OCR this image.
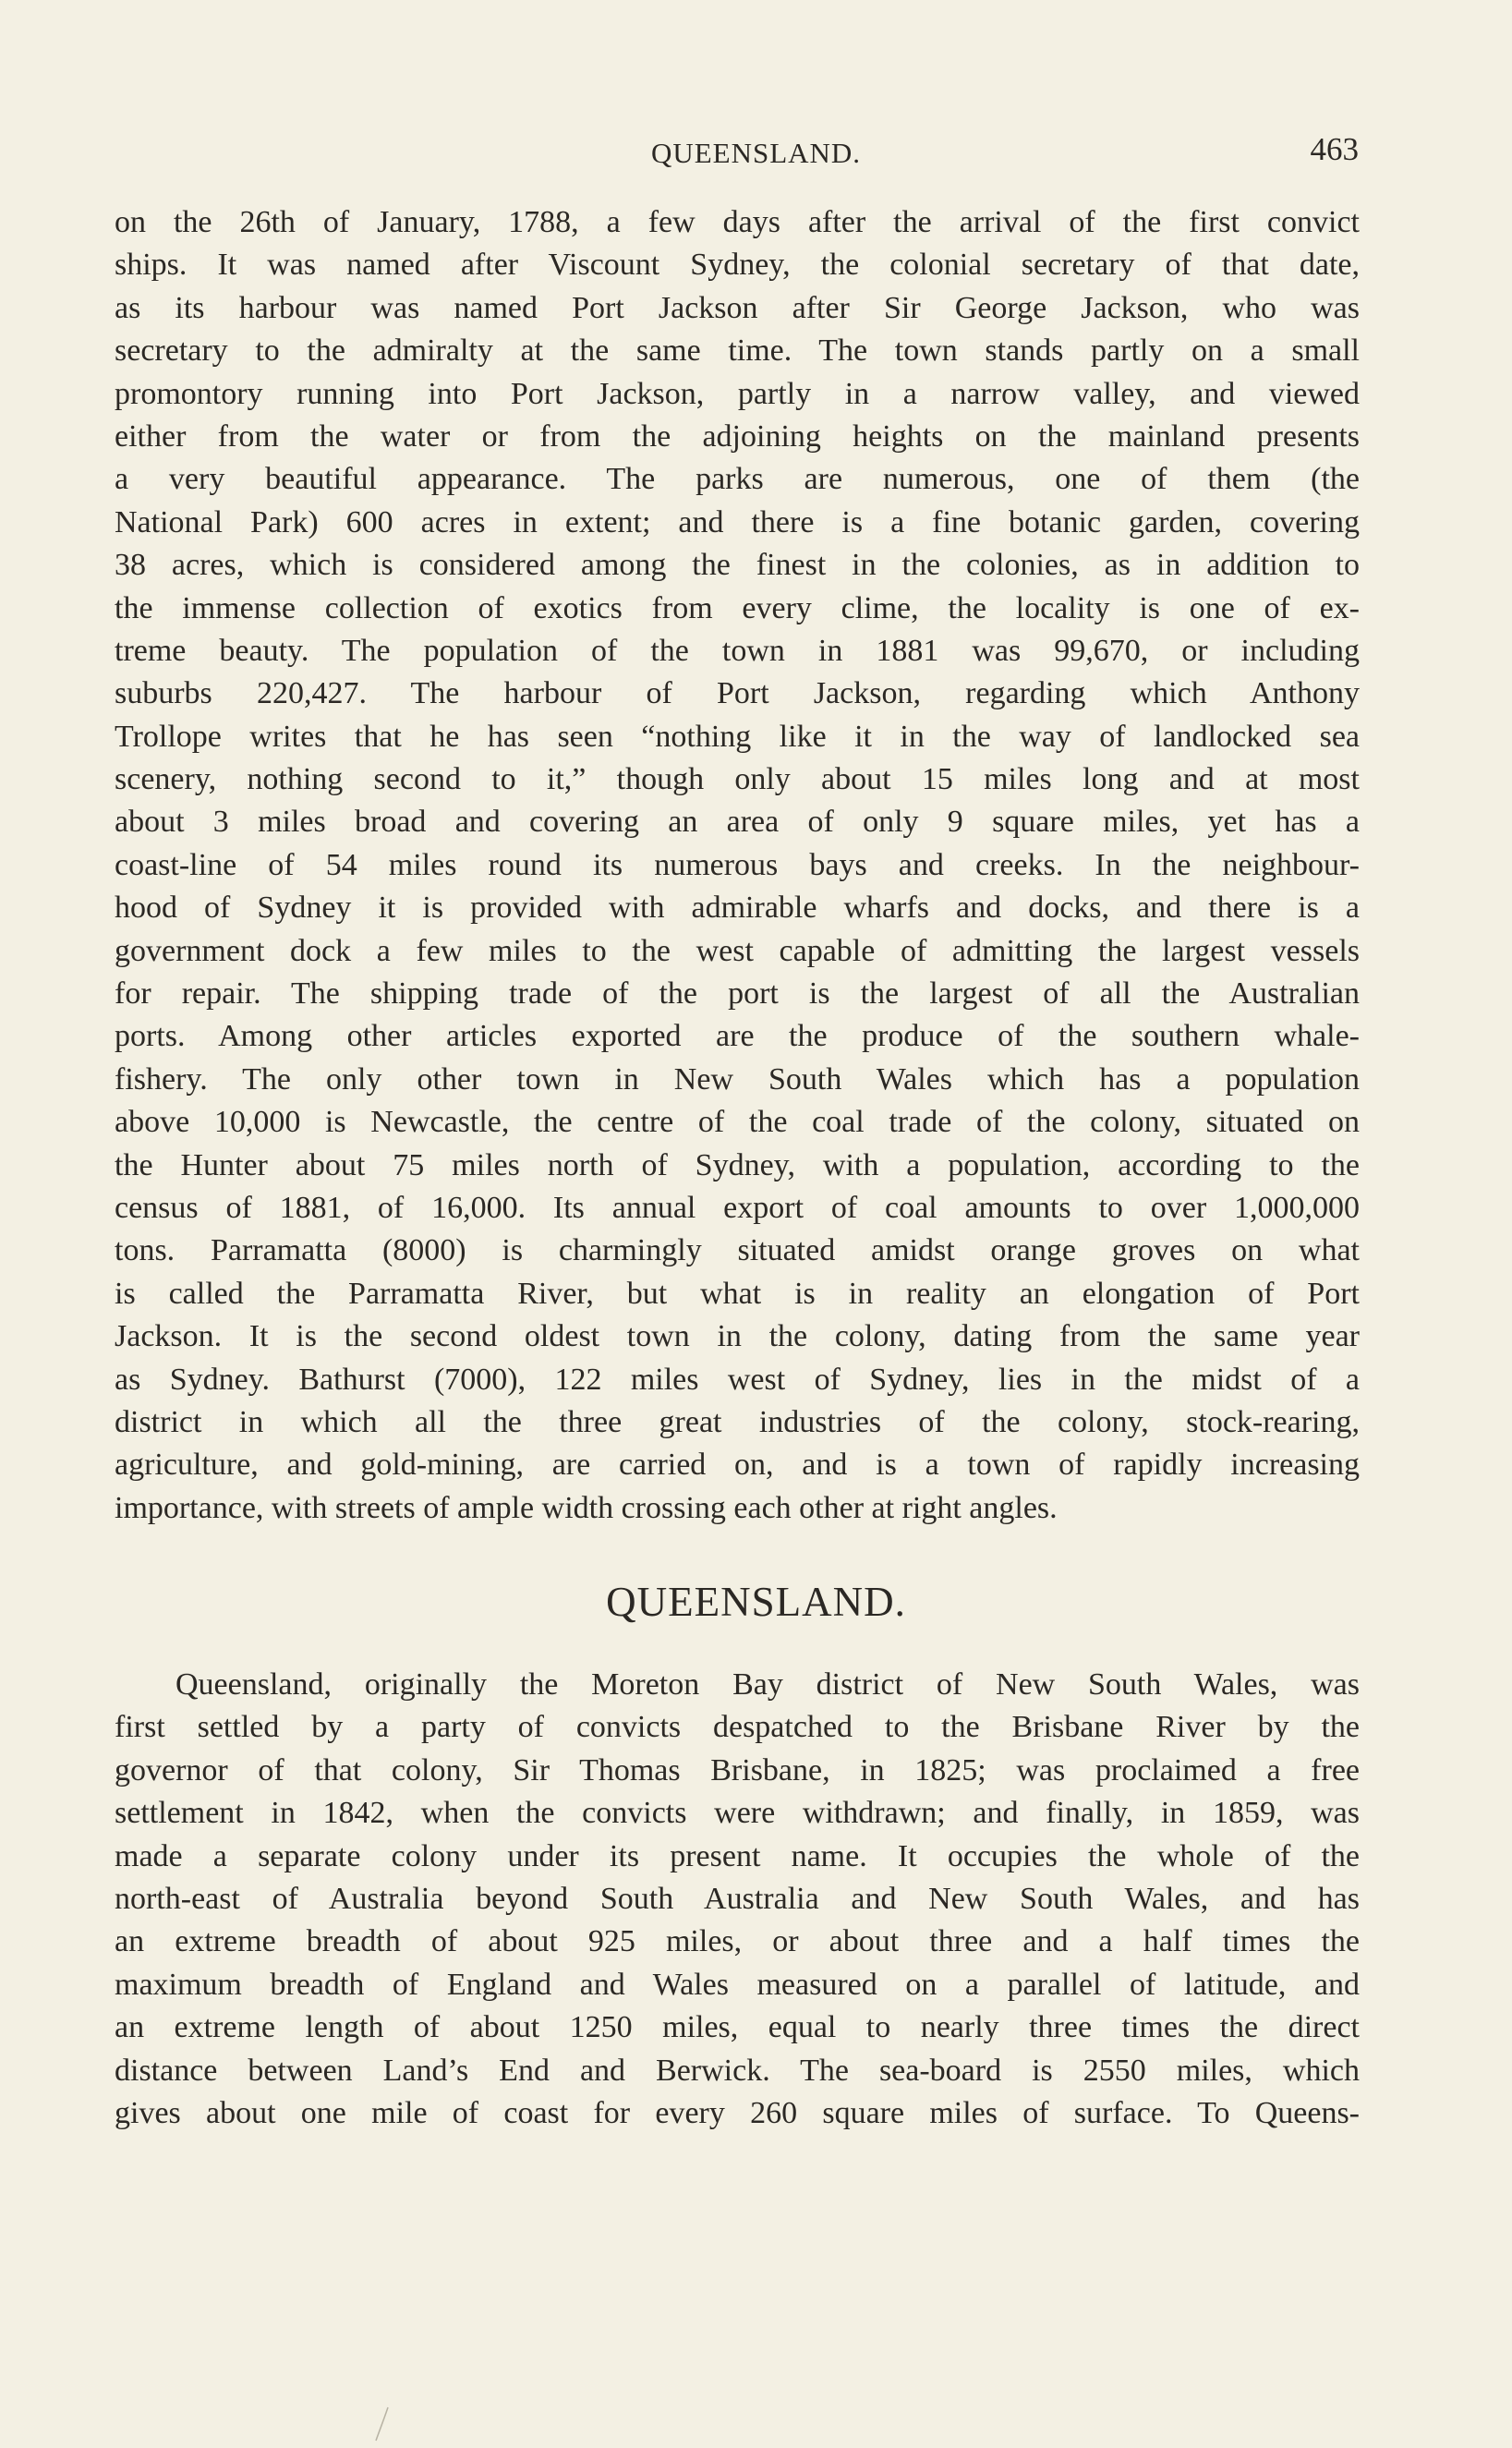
QUEENSLAND.	463
on the 26th of January, 1788, a few days after the arrival of the first convict
ships. It was named after Viscount Sydney, the colonial secretary of that date,
as its harbour was named Port Jackson after Sir George Jackson, who was
secretary to the admiralty at the same time. The town stands partly on a small
promontory running into Port Jackson, partly in a narrow valley, and viewed
either from the water or from the adjoining heights on the mainland presents
a very beautiful appearance. The parks are numerous, one of them (the
National Park) 600 acres in extent; and there is a fine botanic garden, covering
38 acres, which is considered among the finest in the colonies, as in addition to
the immense collection of exotics from every clime, the locality is one of ex-
treme beauty. The population of the town in 1881 was 99,670, or including
suburbs 220,427. The harbour of Port Jackson, regarding which Anthony
Trollope writes that he has seen “nothing like it in the way of landlocked sea
scenery, nothing second to it,” though only about 15 miles long and at most
about 3 miles broad and covering an area of only 9 square miles, yet has a
coast-line of 54 miles round its numerous bays and creeks. In the neighbour-
hood of Sydney it is provided with admirable wharfs and docks, and there is a
government dock a few miles to the west capable of admitting the largest vessels
for repair. The shipping trade of the port is the largest of all the Australian
ports. Among other articles exported are the produce of the southern whale-
fishery. The only other town in New South Wales which has a population
above 10,000 is Newcastle, the centre of the coal trade of the colony, situated on
the Hunter about 75 miles north of Sydney, with a population, according to the
census of 1881, of 16,000. Its annual export of coal amounts to over 1,000,000
tons. Parramatta (8000) is charmingly situated amidst orange groves on what
is called the Parramatta River, but what is in reality an elongation of Port
Jackson. It is the second oldest town in the colony, dating from the same year
as Sydney. Bathurst (7000), 122 miles west of Sydney, lies in the midst of a
district in which all the three great industries of the colony, stock-rearing,
agriculture, and gold-mining, are carried on, and is a town of rapidly increasing
importance, with streets of ample width crossing each other at right angles.
QUEENSLAND.
Queensland, originally the Moreton Bay district of New South Wales, was
first settled by a party of convicts despatched to the Brisbane River by the
governor of that colony, Sir Thomas Brisbane, in 1825; was proclaimed a free
settlement in 1842, when the convicts were withdrawn; and finally, in 1859, was
made a separate colony under its present name. It occupies the whole of the
north-east of Australia beyond South Australia and New South Wales, and has
an extreme breadth of about 925 miles, or about three and a half times the
maximum breadth of England and Wales measured on a parallel of latitude, and
an extreme length of about 1250 miles, equal to nearly three times the direct
distance between Land’s End and Berwick. The sea-board is 2550 miles, which
gives about one mile of coast for every 260 square miles of surface. To Queens-
